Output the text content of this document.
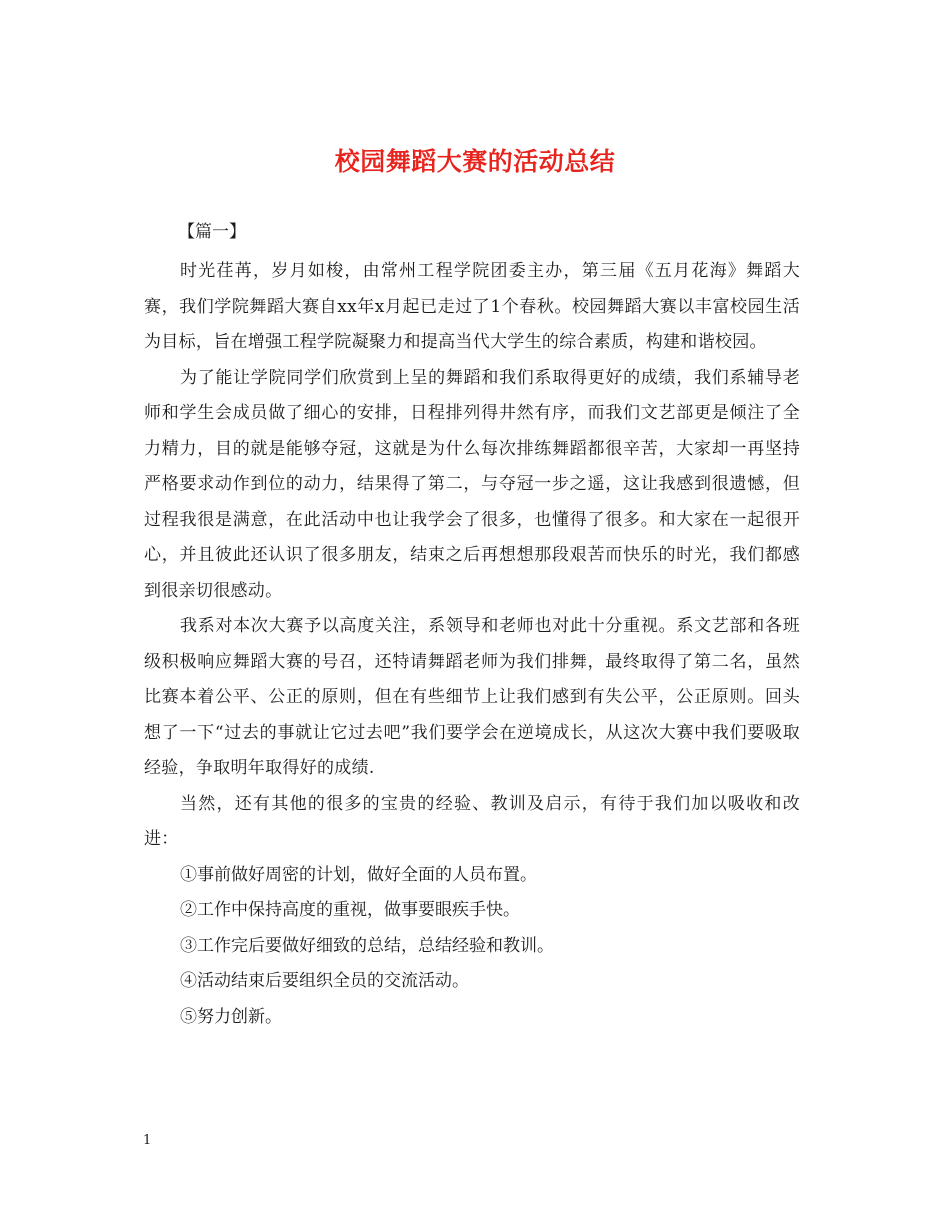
校园舞蹈大赛的活动总结

【篇一】

时光荏苒，岁月如梭，由常州工程学院团委主办，第三届《五月花海》舞蹈大赛，我们学院舞蹈大赛自xx年x月起已走过了1个春秋。校园舞蹈大赛以丰富校园生活为目标，旨在增强工程学院凝聚力和提高当代大学生的综合素质，构建和谐校园。

为了能让学院同学们欣赏到上呈的舞蹈和我们系取得更好的成绩，我们系辅导老师和学生会成员做了细心的安排，日程排列得井然有序，而我们文艺部更是倾注了全力精力，目的就是能够夺冠，这就是为什么每次排练舞蹈都很辛苦，大家却一再坚持严格要求动作到位的动力，结果得了第二，与夺冠一步之遥，这让我感到很遗憾，但过程我很是满意，在此活动中也让我学会了很多，也懂得了很多。和大家在一起很开心，并且彼此还认识了很多朋友，结束之后再想想那段艰苦而快乐的时光，我们都感到很亲切很感动。

我系对本次大赛予以高度关注，系领导和老师也对此十分重视。系文艺部和各班级积极响应舞蹈大赛的号召，还特请舞蹈老师为我们排舞，最终取得了第二名，虽然比赛本着公平、公正的原则，但在有些细节上让我们感到有失公平，公正原则。回头想了一下“过去的事就让它过去吧”我们要学会在逆境成长，从这次大赛中我们要吸取经验，争取明年取得好的成绩.

当然，还有其他的很多的宝贵的经验、教训及启示，有待于我们加以吸收和改进：

①事前做好周密的计划，做好全面的人员布置。

②工作中保持高度的重视，做事要眼疾手快。

③工作完后要做好细致的总结，总结经验和教训。

④活动结束后要组织全员的交流活动。

⑤努力创新。

1
